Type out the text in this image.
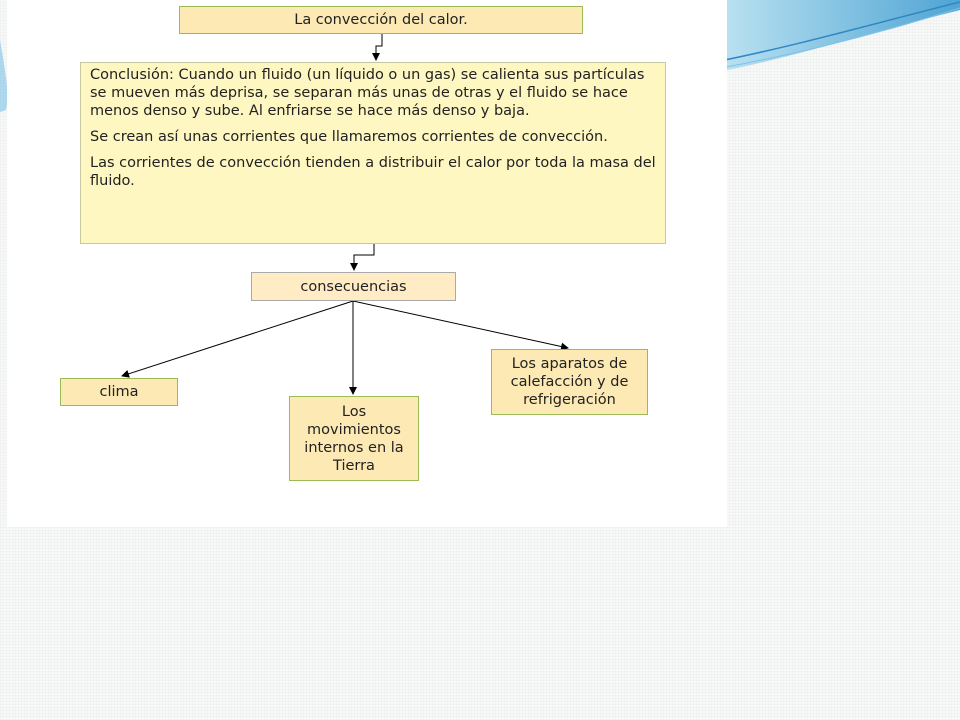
La convección del calor.

Conclusión: Cuando un fluido (un líquido o un gas) se calienta sus partículas se mueven más deprisa, se separan más unas de otras y el fluido se hace menos denso y sube. Al enfriarse se hace más denso y baja.

Se crean así unas corrientes que llamaremos corrientes de convección.

Las corrientes de convección tienden a distribuir el calor por toda la masa del fluido.

consecuencias
clima
Los movimientos internos en la Tierra
Los aparatos de calefacción y de refrigeración
